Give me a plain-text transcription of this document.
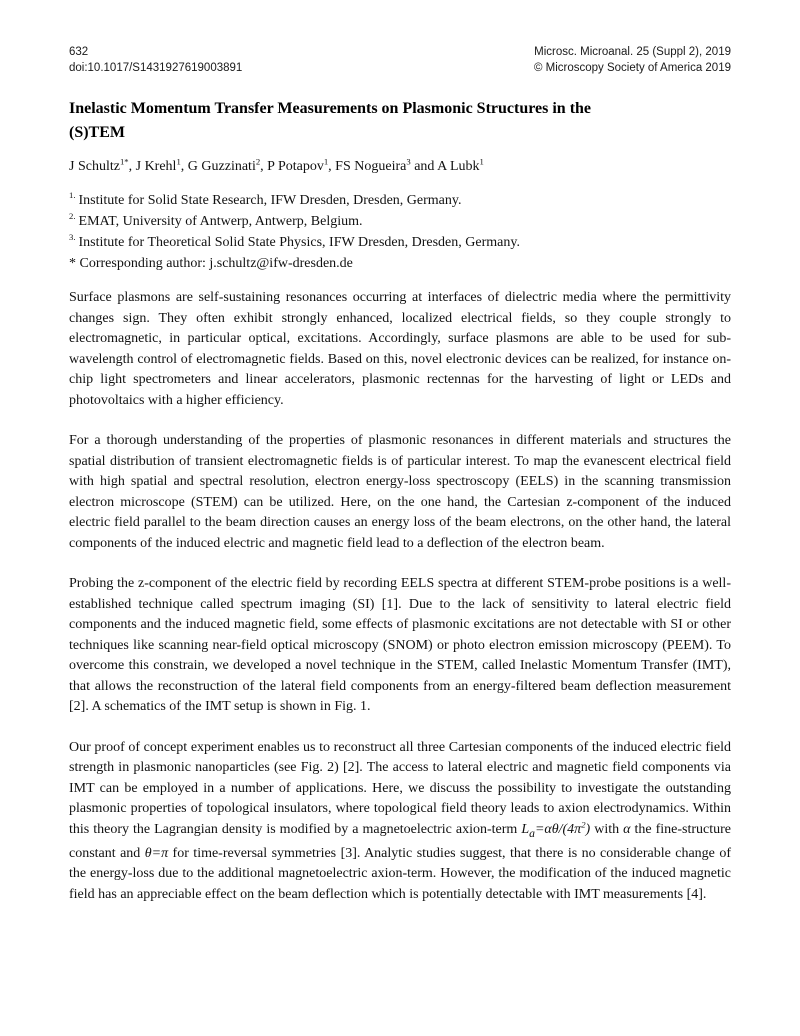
632
doi:10.1017/S1431927619003891
Microsc. Microanal. 25 (Suppl 2), 2019
© Microscopy Society of America 2019
Inelastic Momentum Transfer Measurements on Plasmonic Structures in the
(S)TEM

J Schultz$^{1*}$, J Krehl$^1$, G Guzzinati$^2$, P Potapov$^1$, FS Nogueira$^3$ and A Lubk$^1$

$^{1.}$ Institute for Solid State Research, IFW Dresden, Dresden, Germany.
$^{2.}$ EMAT, University of Antwerp, Antwerp, Belgium.
$^{3.}$ Institute for Theoretical Solid State Physics, IFW Dresden, Dresden, Germany.
* Corresponding author: j.schultz@ifw-dresden.de

Surface plasmons are self-sustaining resonances occurring at interfaces of dielectric media where the permittivity changes sign. They often exhibit strongly enhanced, localized electrical fields, so they couple strongly to electromagnetic, in particular optical, excitations. Accordingly, surface plasmons are able to be used for sub-wavelength control of electromagnetic fields. Based on this, novel electronic devices can be realized, for instance on-chip light spectrometers and linear accelerators, plasmonic rectennas for the harvesting of light or LEDs and photovoltaics with a higher efficiency.

For a thorough understanding of the properties of plasmonic resonances in different materials and structures the spatial distribution of transient electromagnetic fields is of particular interest. To map the evanescent electrical field with high spatial and spectral resolution, electron energy-loss spectroscopy (EELS) in the scanning transmission electron microscope (STEM) can be utilized. Here, on the one hand, the Cartesian z-component of the induced electric field parallel to the beam direction causes an energy loss of the beam electrons, on the other hand, the lateral components of the induced electric and magnetic field lead to a deflection of the electron beam.

Probing the z-component of the electric field by recording EELS spectra at different STEM-probe positions is a well-established technique called spectrum imaging (SI) [1]. Due to the lack of sensitivity to lateral electric field components and the induced magnetic field, some effects of plasmonic excitations are not detectable with SI or other techniques like scanning near-field optical microscopy (SNOM) or photo electron emission microscopy (PEEM). To overcome this constrain, we developed a novel technique in the STEM, called Inelastic Momentum Transfer (IMT), that allows the reconstruction of the lateral field components from an energy-filtered beam deflection measurement [2]. A schematics of the IMT setup is shown in Fig. 1.

Our proof of concept experiment enables us to reconstruct all three Cartesian components of the induced electric field strength in plasmonic nanoparticles (see Fig. 2) [2]. The access to lateral electric and magnetic field components via IMT can be employed in a number of applications. Here, we discuss the possibility to investigate the outstanding plasmonic properties of topological insulators, where topological field theory leads to axion electrodynamics. Within this theory the Lagrangian density is modified by a magnetoelectric axion-term $L_a=\alpha\theta/(4\pi^2)$ with α the fine-structure constant and θ=π for time-reversal symmetries [3]. Analytic studies suggest, that there is no considerable change of the energy-loss due to the additional magnetoelectric axion-term. However, the modification of the induced magnetic field has an appreciable effect on the beam deflection which is potentially detectable with IMT measurements [4].
